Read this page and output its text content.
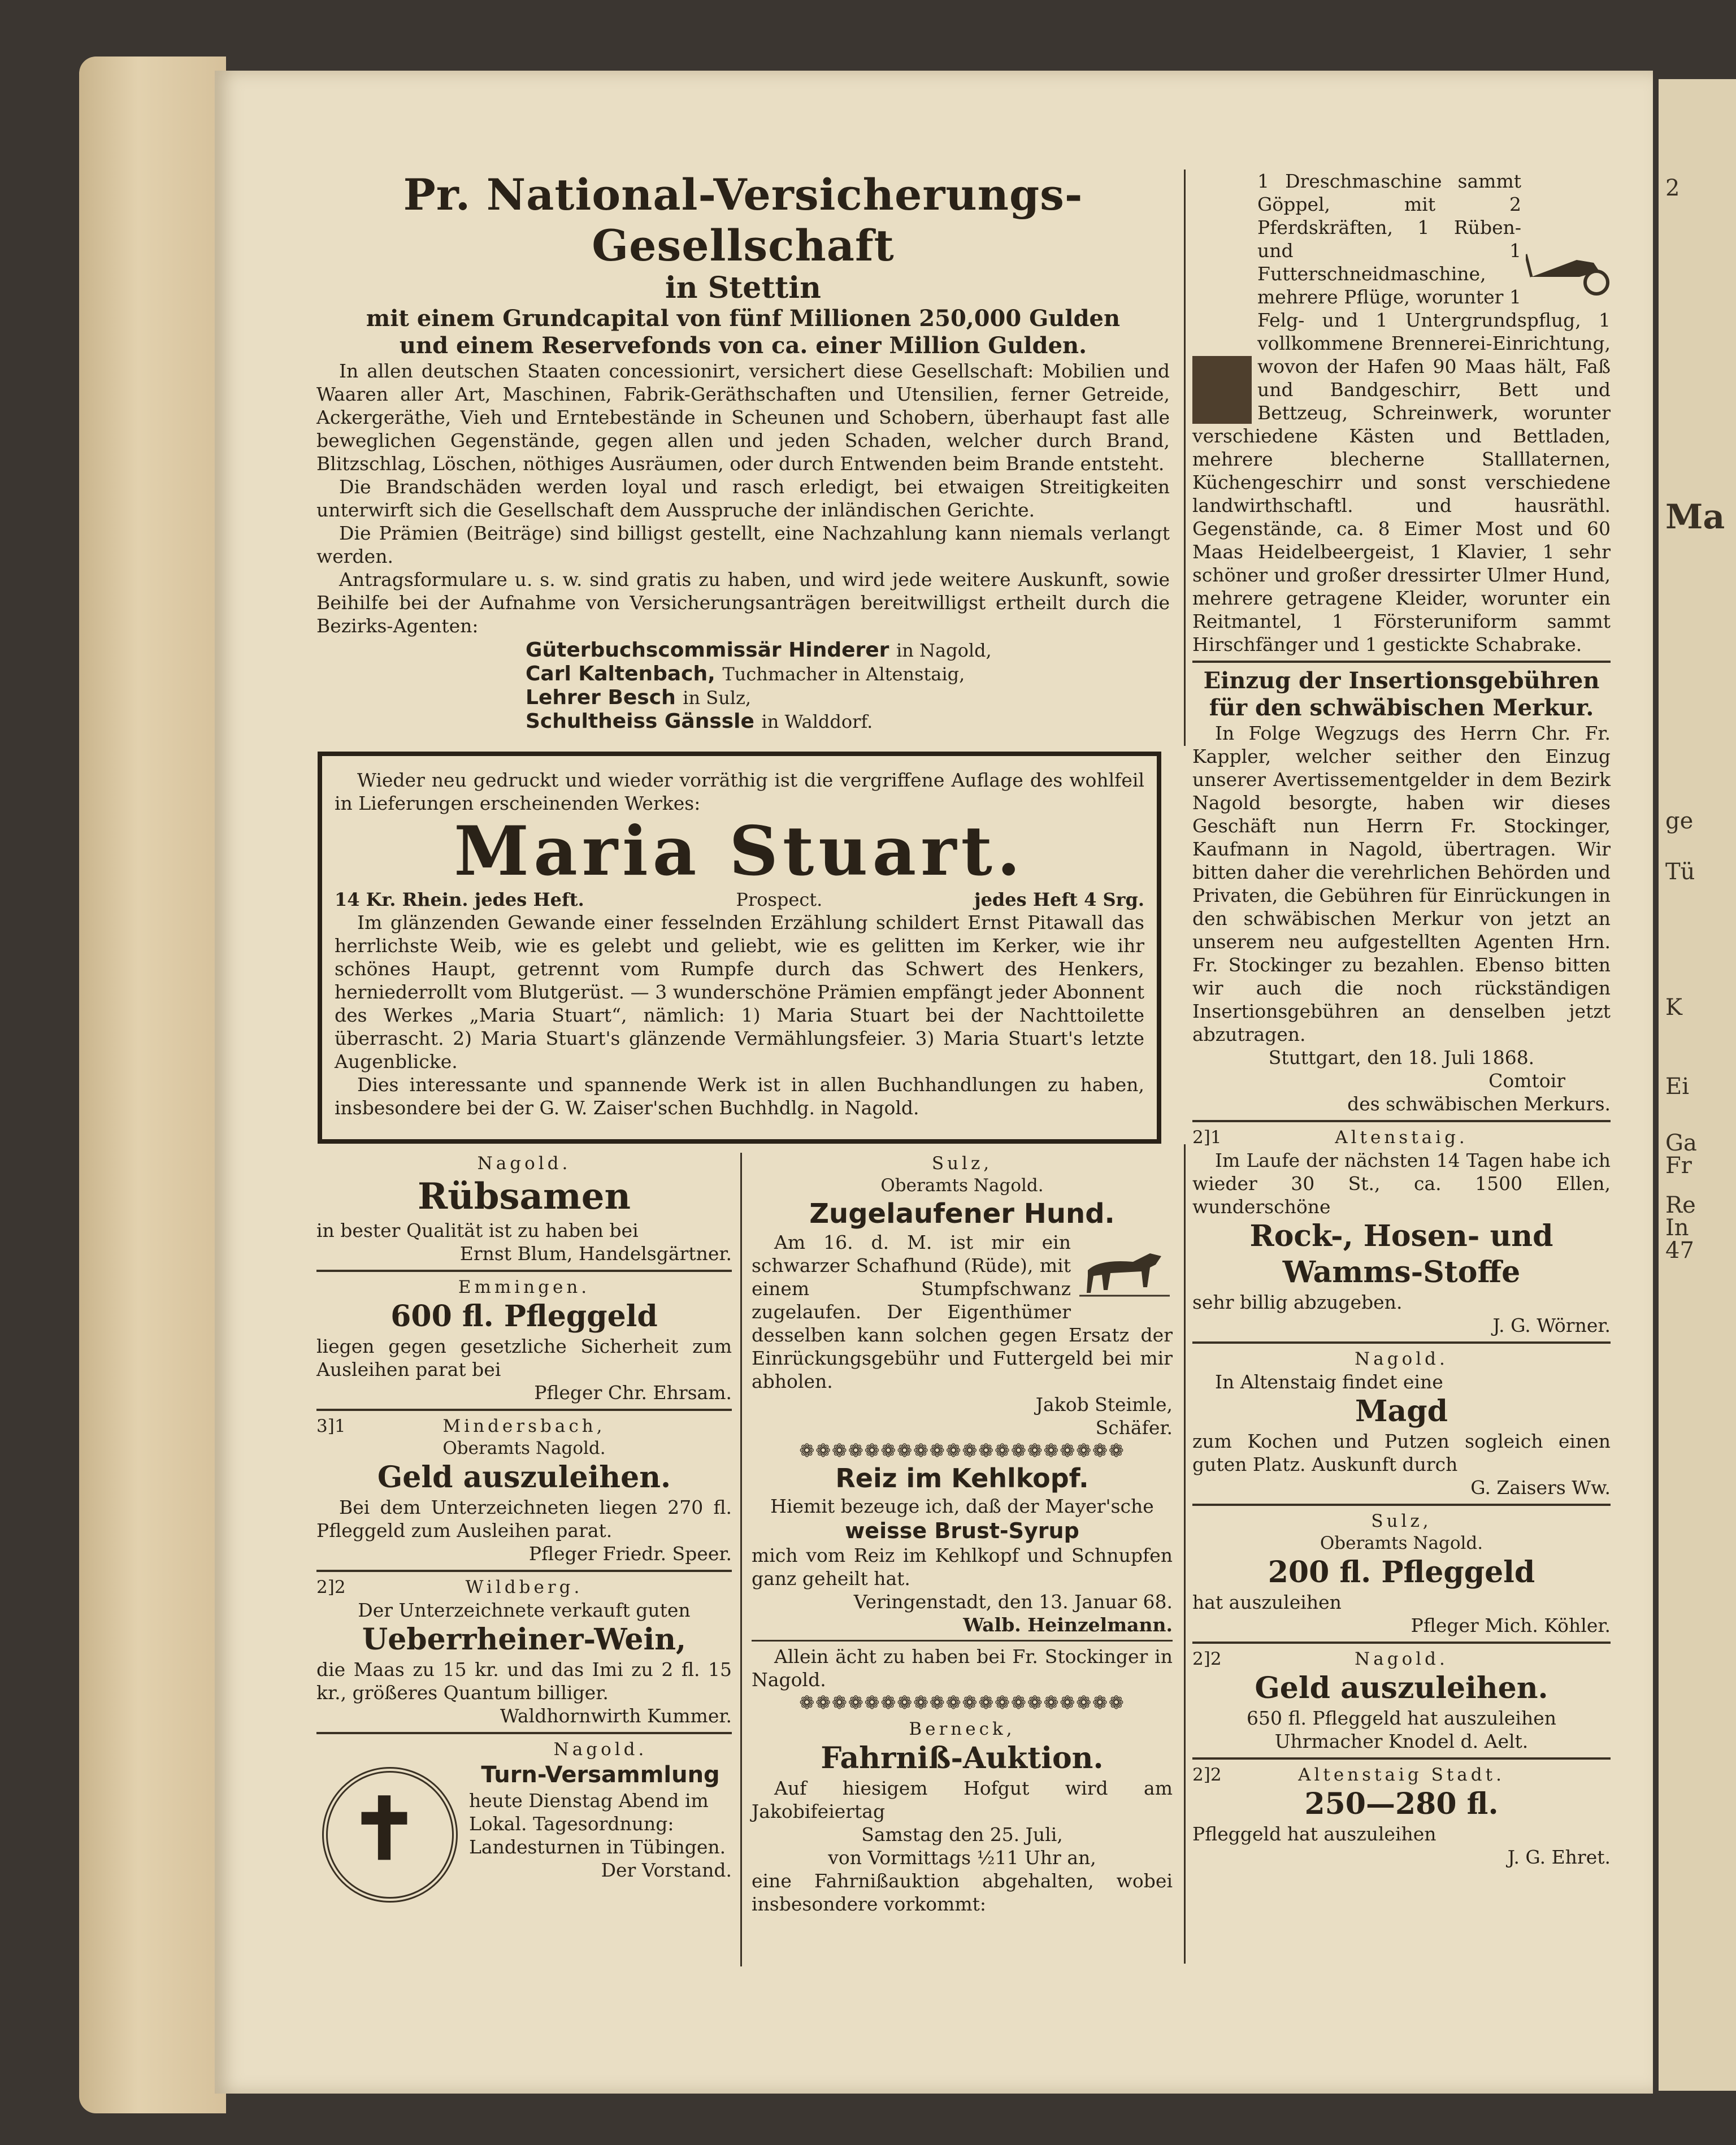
2
Ma
ge
Tü
K
Ei
Ga
Fr
Re
In
47
Pr. National-Versicherungs-Gesellschaft
in Stettin
mit einem Grundcapital von fünf Millionen 250,000 Gulden
und einem Reservefonds von ca. einer Million Gulden.

In allen deutschen Staaten concessionirt, versichert diese Gesellschaft: Mobilien und Waaren aller Art, Maschinen, Fabrik-Geräthschaften und Utensilien, ferner Getreide, Ackergeräthe, Vieh und Erntebestände in Scheunen und Schobern, überhaupt fast alle beweglichen Gegenstände, gegen allen und jeden Schaden, welcher durch Brand, Blitzschlag, Löschen, nöthiges Ausräumen, oder durch Entwenden beim Brande entsteht.

Die Brandschäden werden loyal und rasch erledigt, bei etwaigen Streitigkeiten unterwirft sich die Gesellschaft dem Ausspruche der inländischen Gerichte.

Die Prämien (Beiträge) sind billigst gestellt, eine Nachzahlung kann niemals verlangt werden.

Antragsformulare u. s. w. sind gratis zu haben, und wird jede weitere Auskunft, sowie Beihilfe bei der Aufnahme von Versicherungsanträgen bereitwilligst ertheilt durch die Bezirks-Agenten:

Güterbuchscommissär Hinderer in Nagold,
Carl Kaltenbach, Tuchmacher in Altenstaig,
Lehrer Besch in Sulz,
Schultheiss Gänssle in Walddorf.

Wieder neu gedruckt und wieder vorräthig ist die vergriffene Auflage des wohlfeil in Lieferungen erscheinenden Werkes:

Maria Stuart.
14 Kr. Rhein. jedes Heft.	Prospect.	jedes Heft 4 Srg.

Im glänzenden Gewande einer fesselnden Erzählung schildert Ernst Pitawall das herrlichste Weib, wie es gelebt und geliebt, wie es gelitten im Kerker, wie ihr schönes Haupt, getrennt vom Rumpfe durch das Schwert des Henkers, herniederrollt vom Blutgerüst. — 3 wunderschöne Prämien empfängt jeder Abonnent des Werkes „Maria Stuart“, nämlich: 1) Maria Stuart bei der Nachttoilette überrascht. 2) Maria Stuart's glänzende Vermählungsfeier. 3) Maria Stuart's letzte Augenblicke.

Dies interessante und spannende Werk ist in allen Buchhandlungen zu haben, insbesondere bei der G. W. Zaiser'schen Buchhdlg. in Nagold.

Nagold.
Rübsamen

in bester Qualität ist zu haben bei

Ernst Blum, Handelsgärtner.

Emmingen.
600 fl. Pfleggeld

liegen gegen gesetzliche Sicherheit zum Ausleihen parat bei

Pfleger Chr. Ehrsam.

3]1	Mindersbach,
Oberamts Nagold.
Geld auszuleihen.

Bei dem Unterzeichneten liegen 270 fl. Pfleggeld zum Ausleihen parat.

Pfleger Friedr. Speer.

2]2	Wildberg.

Der Unterzeichnete verkauft guten

Ueberrheiner-Wein,

die Maas zu 15 kr. und das Imi zu 2 fl. 15 kr., größeres Quantum billiger.

Waldhornwirth Kummer.

✝
Nagold.
Turn-Versammlung

heute Dienstag Abend im Lokal. Tagesordnung: Landesturnen in Tübingen.

Der Vorstand.

Sulz,
Oberamts Nagold.
Zugelaufener Hund.

Am 16. d. M. ist mir ein schwarzer Schafhund (Rüde), mit einem Stumpfschwanz zugelaufen. Der Eigenthümer desselben kann solchen gegen Ersatz der Einrückungsgebühr und Futtergeld bei mir abholen.

Jakob Steimle,

Schäfer.

❁❁❁❁❁❁❁❁❁❁❁❁❁❁❁❁❁❁❁❁
Reiz im Kehlkopf.

Hiemit bezeuge ich, daß der Mayer'sche

weisse Brust-Syrup

mich vom Reiz im Kehlkopf und Schnupfen ganz geheilt hat.

Veringenstadt, den 13. Januar 68.

Walb. Heinzelmann.

Allein ächt zu haben bei Fr. Stockinger in Nagold.

❁❁❁❁❁❁❁❁❁❁❁❁❁❁❁❁❁❁❁❁
Berneck,
Fahrniß-Auktion.

Auf hiesigem Hofgut wird am Jakobifeiertag

Samstag den 25. Juli,

von Vormittags ½11 Uhr an,

eine Fahrnißauktion abgehalten, wobei insbesondere vorkommt:

1 Dreschmaschine sammt Göppel, mit 2 Pferdskräften, 1 Rüben- und 1 Futterschneidmaschine, mehrere Pflüge, worunter 1 Felg- und 1 Untergrundspflug, 1 vollkommene Brennerei-Einrichtung, wovon der Hafen 90 Maas hält, Faß und Bandgeschirr, Bett und Bettzeug, Schreinwerk, worunter verschiedene Kästen und Bettladen, mehrere blecherne Stalllaternen, Küchengeschirr und sonst verschiedene landwirthschaftl. und hausräthl. Gegenstände, ca. 8 Eimer Most und 60 Maas Heidelbeergeist, 1 Klavier, 1 sehr schöner und großer dressirter Ulmer Hund, mehrere getragene Kleider, worunter ein Reitmantel, 1 Försteruniform sammt Hirschfänger und 1 gestickte Schabrake.

Einzug der Insertionsgebühren für den schwäbischen Merkur.

In Folge Wegzugs des Herrn Chr. Fr. Kappler, welcher seither den Einzug unserer Avertissementgelder in dem Bezirk Nagold besorgte, haben wir dieses Geschäft nun Herrn Fr. Stockinger, Kaufmann in Nagold, übertragen. Wir bitten daher die verehrlichen Behörden und Privaten, die Gebühren für Einrückungen in den schwäbischen Merkur von jetzt an unserem neu aufgestellten Agenten Hrn. Fr. Stockinger zu bezahlen. Ebenso bitten wir auch die noch rückständigen Insertionsgebühren an denselben jetzt abzutragen.

Stuttgart, den 18. Juli 1868.

Comtoir

des schwäbischen Merkurs.

2]1	Altenstaig.

Im Laufe der nächsten 14 Tagen habe ich wieder 30 St., ca. 1500 Ellen, wunderschöne

Rock-, Hosen- und
Wamms-Stoffe

sehr billig abzugeben.

J. G. Wörner.

Nagold.

In Altenstaig findet eine

Magd

zum Kochen und Putzen sogleich einen guten Platz. Auskunft durch

G. Zaisers Ww.

Sulz,
Oberamts Nagold.
200 fl. Pfleggeld

hat auszuleihen

Pfleger Mich. Köhler.

2]2	Nagold.
Geld auszuleihen.

650 fl. Pfleggeld hat auszuleihen Uhrmacher Knodel d. Aelt.

2]2	Altenstaig Stadt.
250—280 fl.

Pfleggeld hat auszuleihen

J. G. Ehret.
